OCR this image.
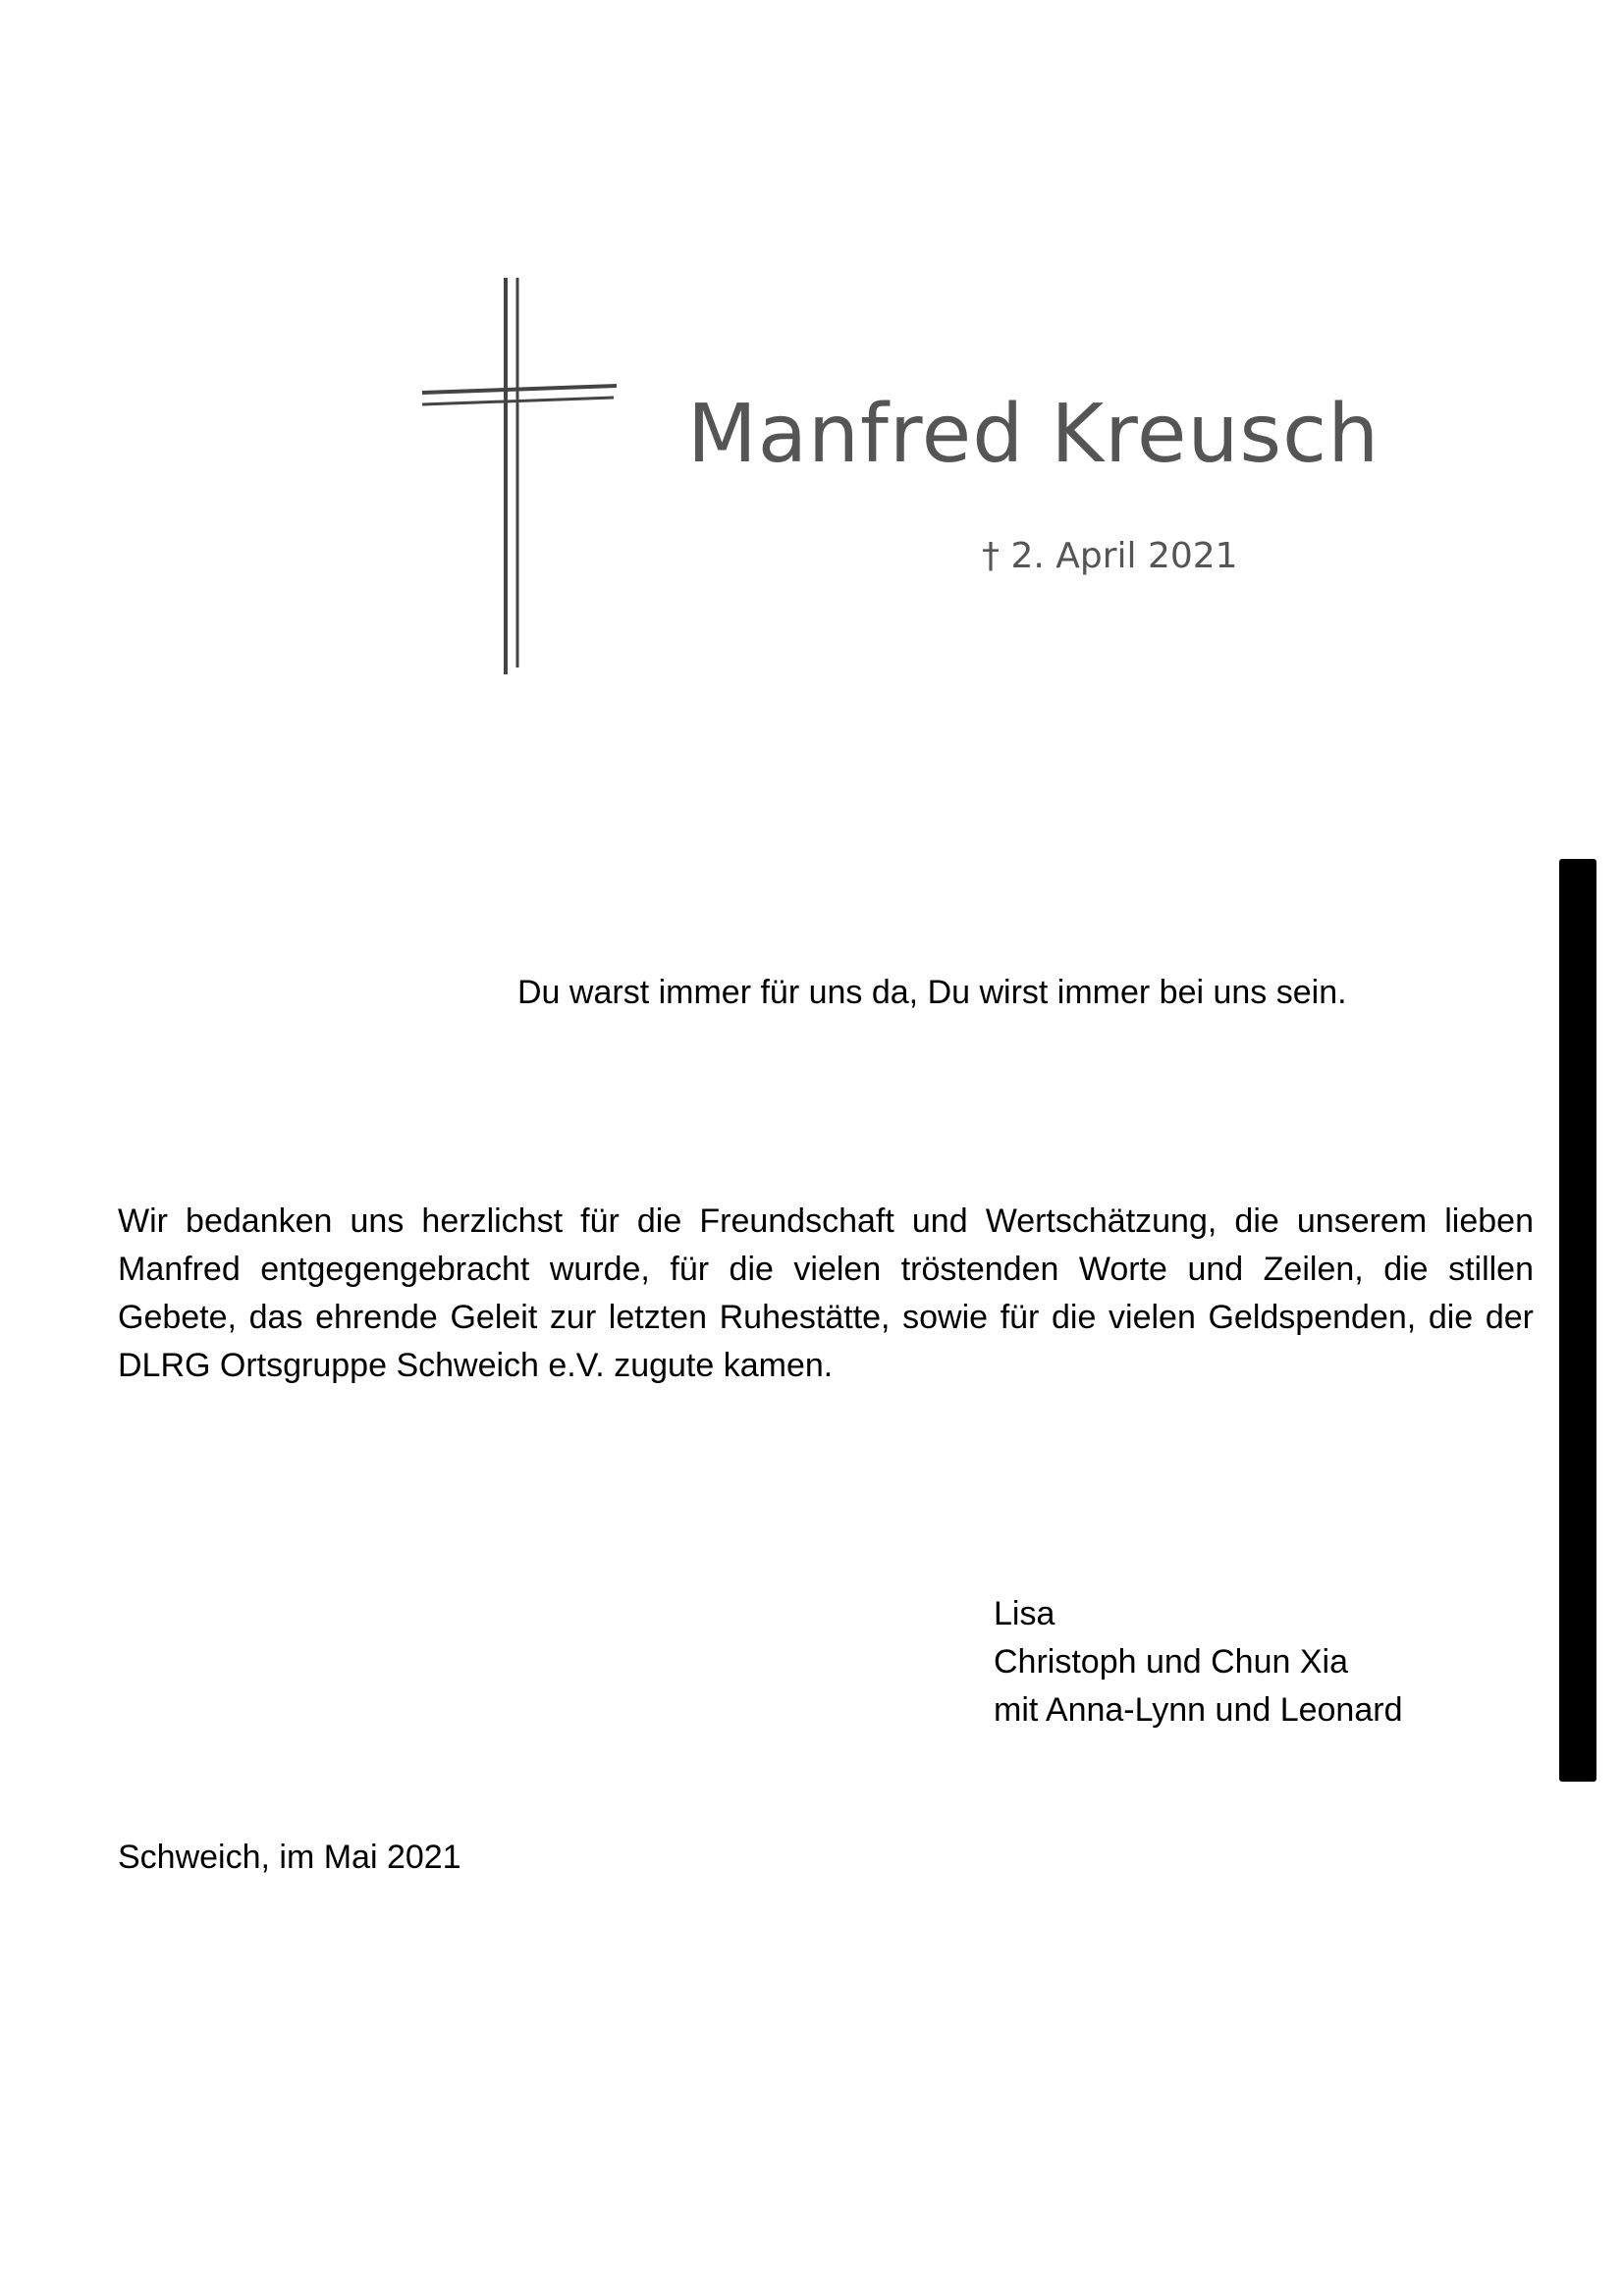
Manfred Kreusch
† 2. April 2021
Du warst immer für uns da, Du wirst immer bei uns sein.

Wir bedanken uns herzlichst für die Freundschaft und Wertschätzung, die unserem lieben Manfred entgegengebracht wurde, für die vielen tröstenden Worte und Zeilen, die stillen Gebete, das ehrende Geleit zur letzten Ruhestätte, sowie für die vielen Geldspenden, die der DLRG Ortsgruppe Schweich e.V. zugute kamen.

Lisa
Christoph und Chun Xia
mit Anna-Lynn und Leonard
Schweich, im Mai 2021
